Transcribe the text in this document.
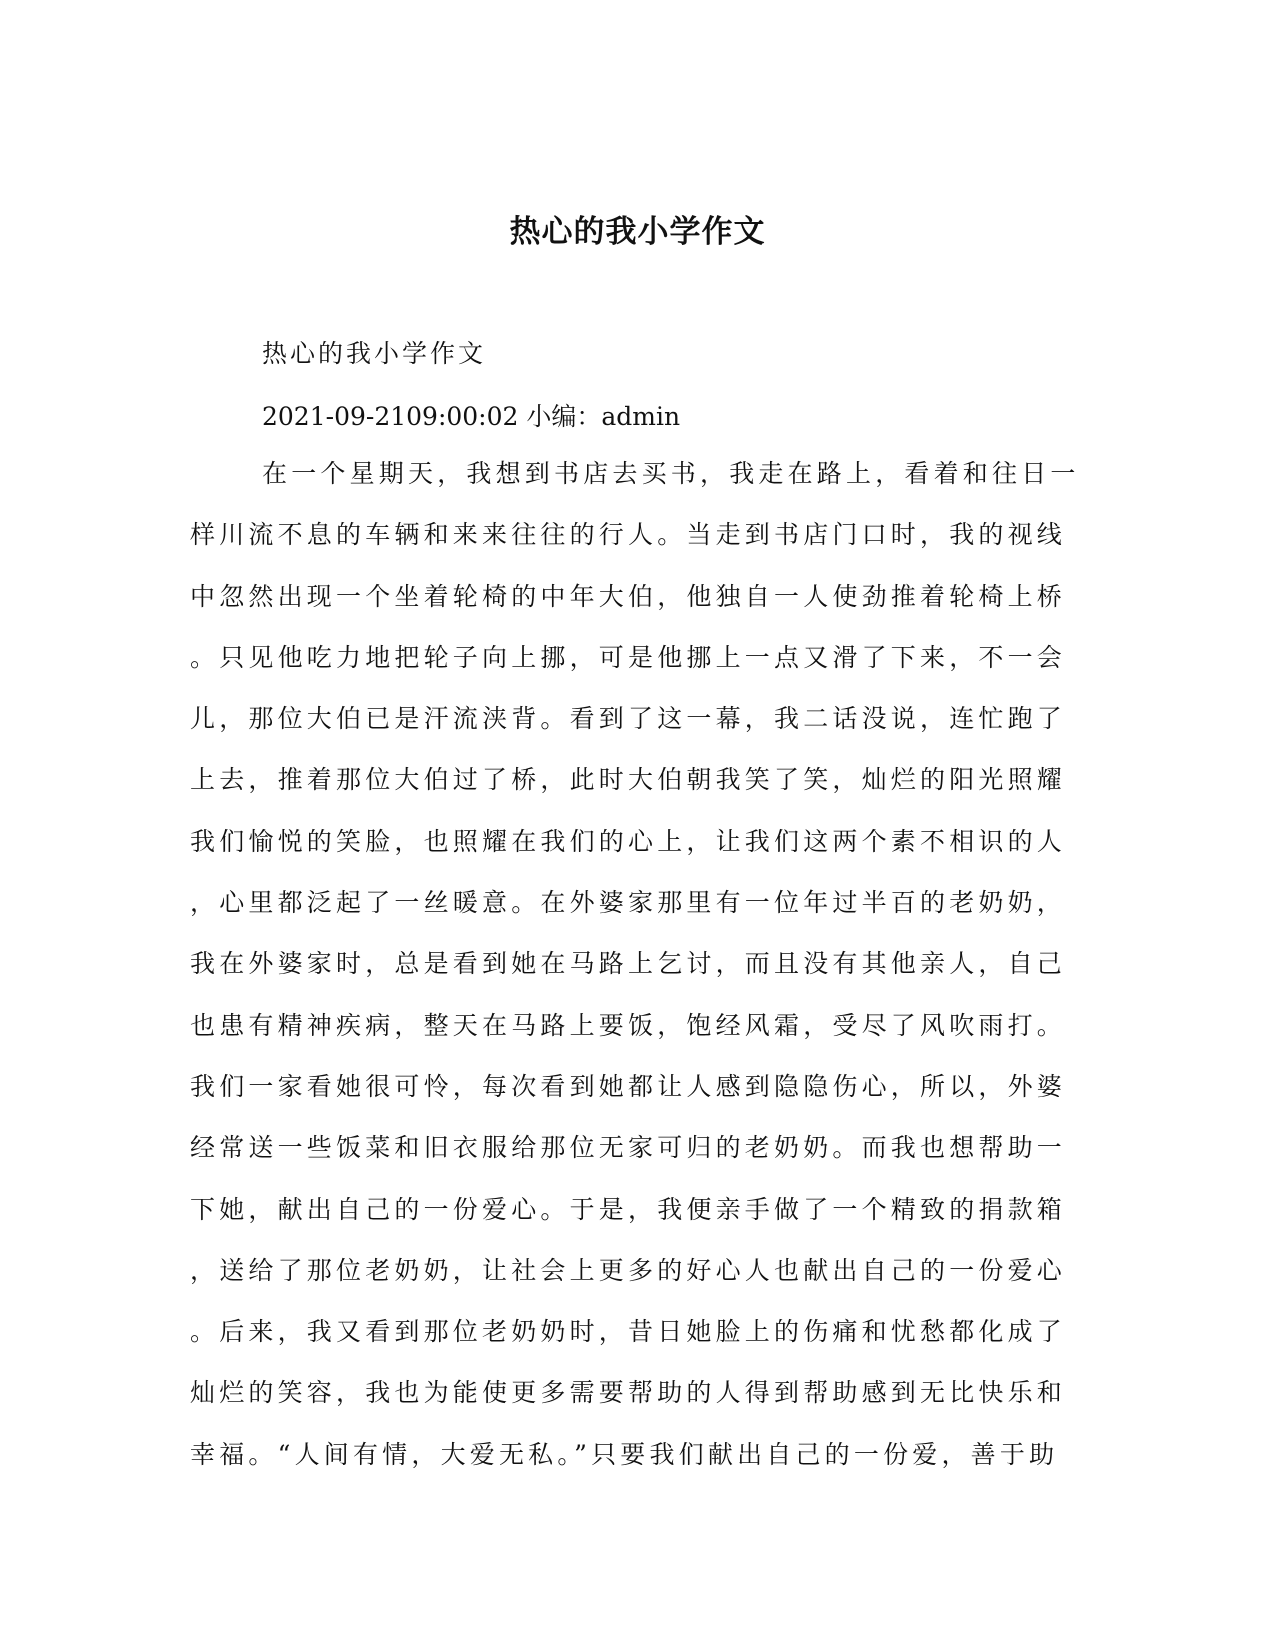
热心的我小学作文

热心的我小学作文

2021-09-2109:00:02 小编：admin

在一个星期天，我想到书店去买书，我走在路上，看着和往日一
样川流不息的车辆和来来往往的行人。当走到书店门口时，我的视线
中忽然出现一个坐着轮椅的中年大伯，他独自一人使劲推着轮椅上桥
。只见他吃力地把轮子向上挪，可是他挪上一点又滑了下来，不一会
儿，那位大伯已是汗流浃背。看到了这一幕，我二话没说，连忙跑了
上去，推着那位大伯过了桥，此时大伯朝我笑了笑，灿烂的阳光照耀
我们愉悦的笑脸，也照耀在我们的心上，让我们这两个素不相识的人
，心里都泛起了一丝暖意。在外婆家那里有一位年过半百的老奶奶，
我在外婆家时，总是看到她在马路上乞讨，而且没有其他亲人，自己
也患有精神疾病，整天在马路上要饭，饱经风霜，受尽了风吹雨打。
我们一家看她很可怜，每次看到她都让人感到隐隐伤心，所以，外婆
经常送一些饭菜和旧衣服给那位无家可归的老奶奶。而我也想帮助一
下她，献出自己的一份爱心。于是，我便亲手做了一个精致的捐款箱
，送给了那位老奶奶，让社会上更多的好心人也献出自己的一份爱心
。后来，我又看到那位老奶奶时，昔日她脸上的伤痛和忧愁都化成了
灿烂的笑容，我也为能使更多需要帮助的人得到帮助感到无比快乐和
幸福。“人间有情，大爱无私。”只要我们献出自己的一份爱，善于助
